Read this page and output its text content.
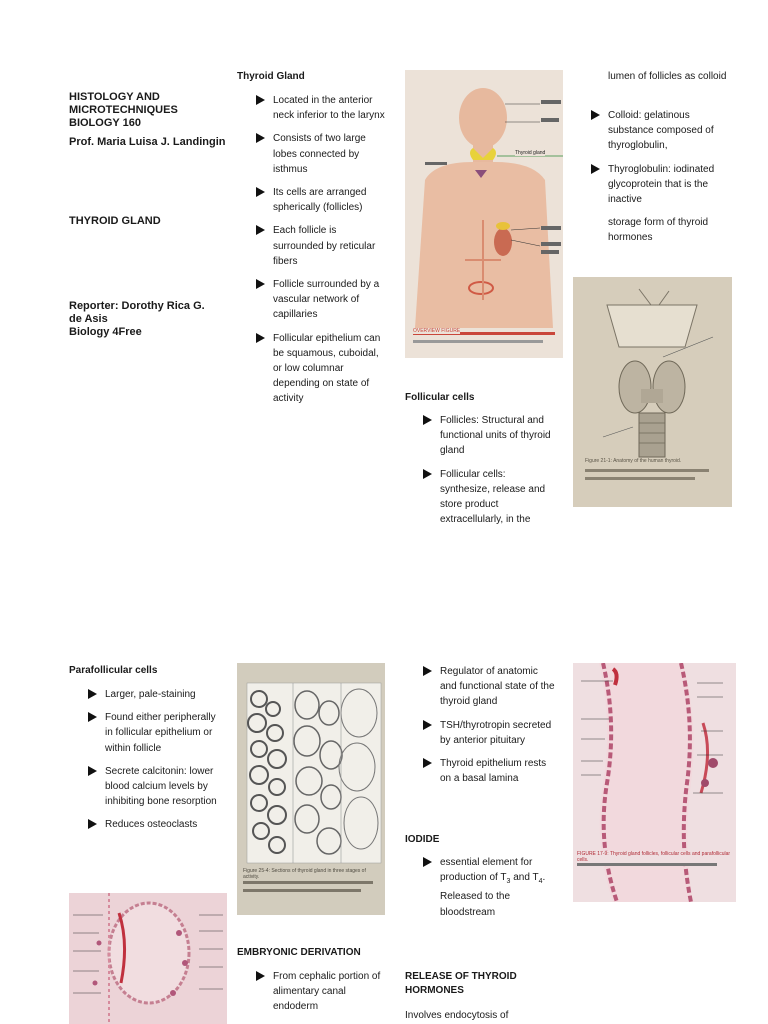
HISTOLOGY AND MICROTECHNIQUES BIOLOGY 160
Prof. Maria Luisa J. Landingin
THYROID GLAND
Reporter: Dorothy Rica G. de Asis
Biology 4Free
Thyroid Gland
Located in the anterior neck inferior to the larynx
Consists of two large lobes connected by isthmus
Its cells are arranged spherically (follicles)
Each follicle is surrounded by reticular fibers
Follicle surrounded by a vascular network of capillaries
Follicular epithelium can be squamous, cuboidal, or low columnar depending on state of activity
Thyroid gland
OVERVIEW FIGURE
lumen of follicles as colloid
Colloid: gelatinous substance composed of thyroglobulin,
Thyroglobulin: iodinated glycoprotein that is the inactive
storage form of thyroid hormones
Figure 21-1: Anatomy of the human thyroid.
Follicular cells
Follicles: Structural and functional units of thyroid gland
Follicular cells: synthesize, release and store product extracellularly, in the
Parafollicular cells
Larger, pale-staining
Found either peripherally in follicular epithelium or within follicle
Secrete calcitonin: lower blood calcium levels by inhibiting bone resorption
Reduces osteoclasts
Figure 25-4: Sections of thyroid gland in three stages of activity.
Regulator of anatomic and functional state of the thyroid gland
TSH/thyrotropin secreted by anterior pituitary
Thyroid epithelium rests on a basal lamina
IODIDE
essential element for production of $T_3$ and $T_4$. Released to the bloodstream
FIGURE 17-9: Thyroid gland follicles, follicular cells and parafollicular cells.
EMBRYONIC DERIVATION
From cephalic portion of alimentary canal endoderm
RELEASE OF THYROID HORMONES
Involves endocytosis of
